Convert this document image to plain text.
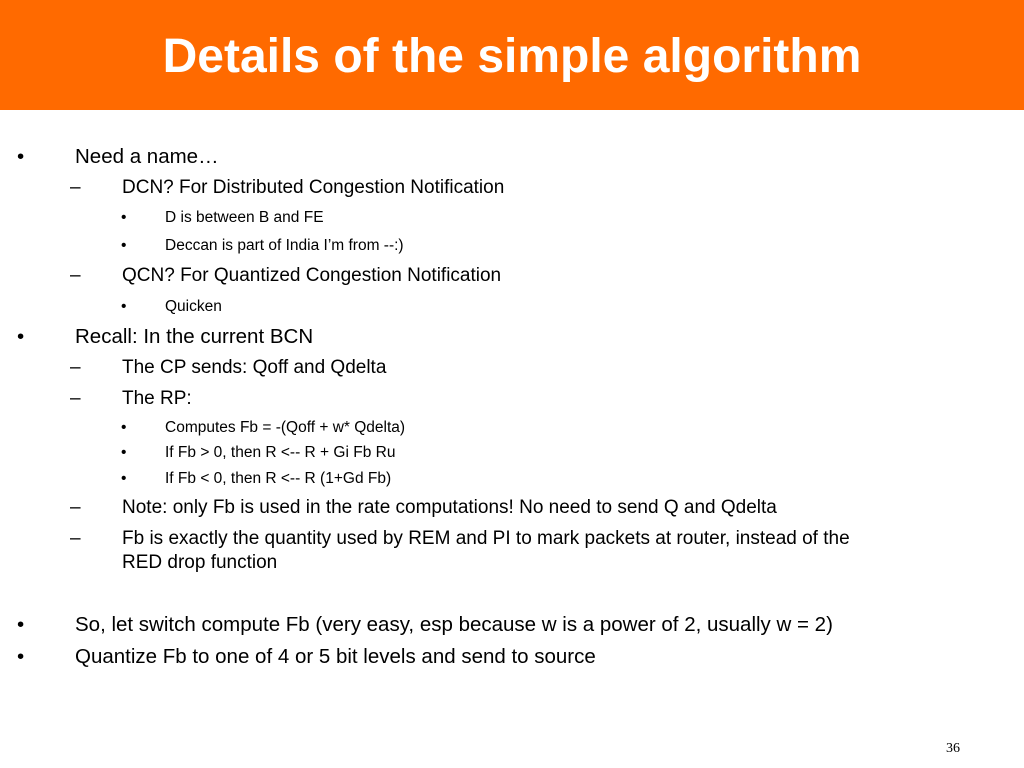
Details of the simple algorithm
• Need a name…
– DCN? For Distributed Congestion Notification
• D is between B and FE
• Deccan is part of India I’m from --:)
– QCN? For Quantized Congestion Notification
• Quicken
• Recall: In the current BCN
– The CP sends: Qoff and Qdelta
– The RP:
• Computes Fb = -(Qoff + w* Qdelta)
• If Fb > 0, then R <-- R + Gi Fb Ru
• If Fb < 0, then R <-- R (1+Gd Fb)
– Note: only Fb is used in the rate computations! No need to send Q and Qdelta
– Fb is exactly the quantity used by REM and PI to mark packets at router, instead of the
RED drop function
• So, let switch compute Fb (very easy, esp because w is a power of 2, usually w = 2)
• Quantize Fb to one of 4 or 5 bit levels and send to source
36
